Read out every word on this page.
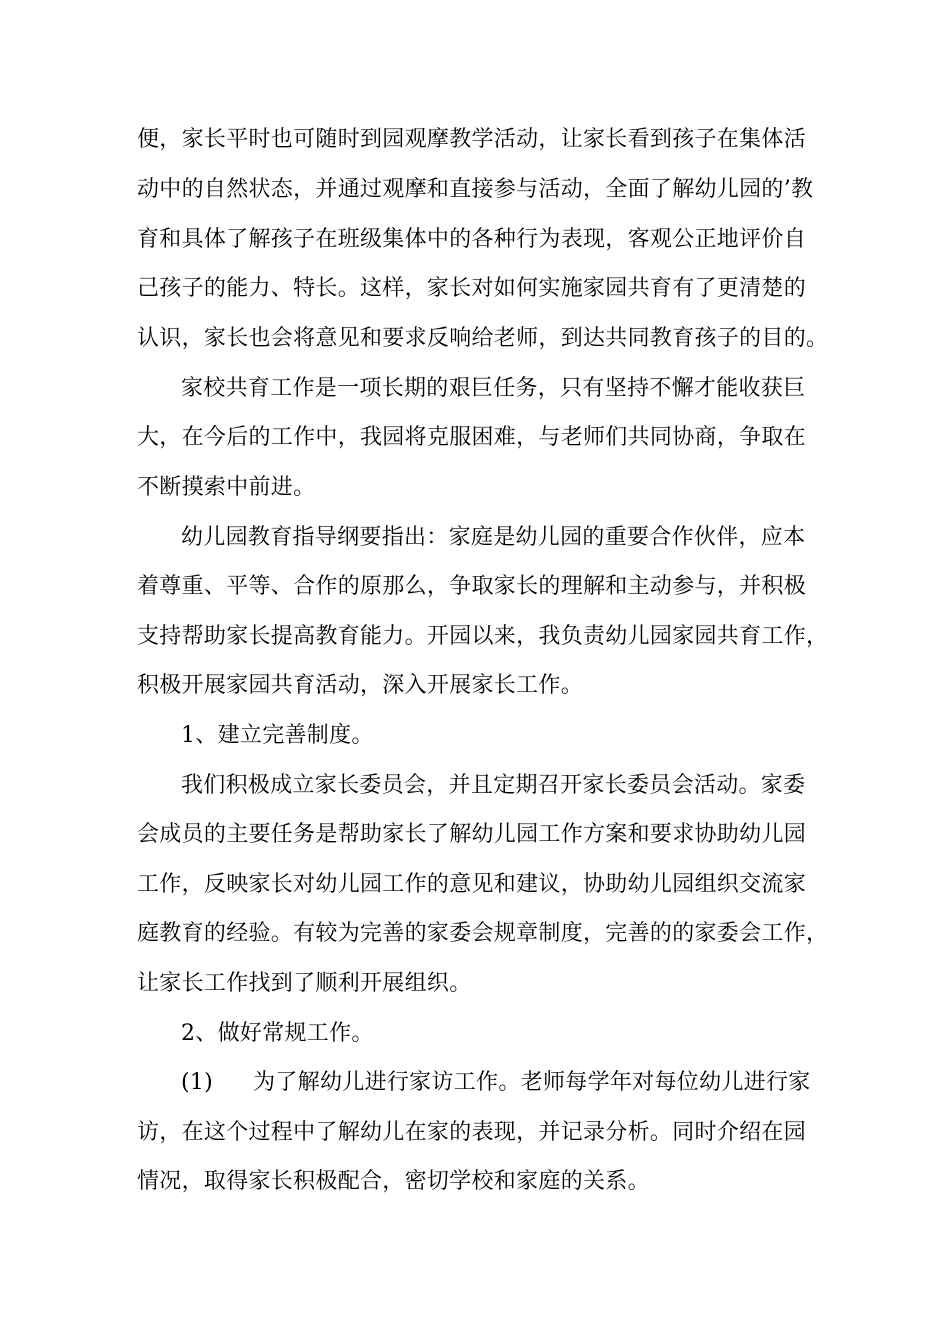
便，家长平时也可随时到园观摩教学活动，让家长看到孩子在集体活
动中的自然状态，并通过观摩和直接参与活动，全面了解幼儿园的’教
育和具体了解孩子在班级集体中的各种行为表现，客观公正地评价自
己孩子的能力、特长。这样，家长对如何实施家园共育有了更清楚的
认识，家长也会将意见和要求反响给老师，到达共同教育孩子的目的。
家校共育工作是一项长期的艰巨任务，只有坚持不懈才能收获巨
大，在今后的工作中，我园将克服困难，与老师们共同协商，争取在
不断摸索中前进。
幼儿园教育指导纲要指出：家庭是幼儿园的重要合作伙伴，应本
着尊重、平等、合作的原那么，争取家长的理解和主动参与，并积极
支持帮助家长提高教育能力。开园以来，我负责幼儿园家园共育工作，
积极开展家园共育活动，深入开展家长工作。
1、建立完善制度。
我们积极成立家长委员会，并且定期召开家长委员会活动。家委
会成员的主要任务是帮助家长了解幼儿园工作方案和要求协助幼儿园
工作，反映家长对幼儿园工作的意见和建议，协助幼儿园组织交流家
庭教育的经验。有较为完善的家委会规章制度，完善的的家委会工作，
让家长工作找到了顺利开展组织。
2、做好常规工作。
(1) 为了解幼儿进行家访工作。老师每学年对每位幼儿进行家
访，在这个过程中了解幼儿在家的表现，并记录分析。同时介绍在园
情况，取得家长积极配合，密切学校和家庭的关系。
